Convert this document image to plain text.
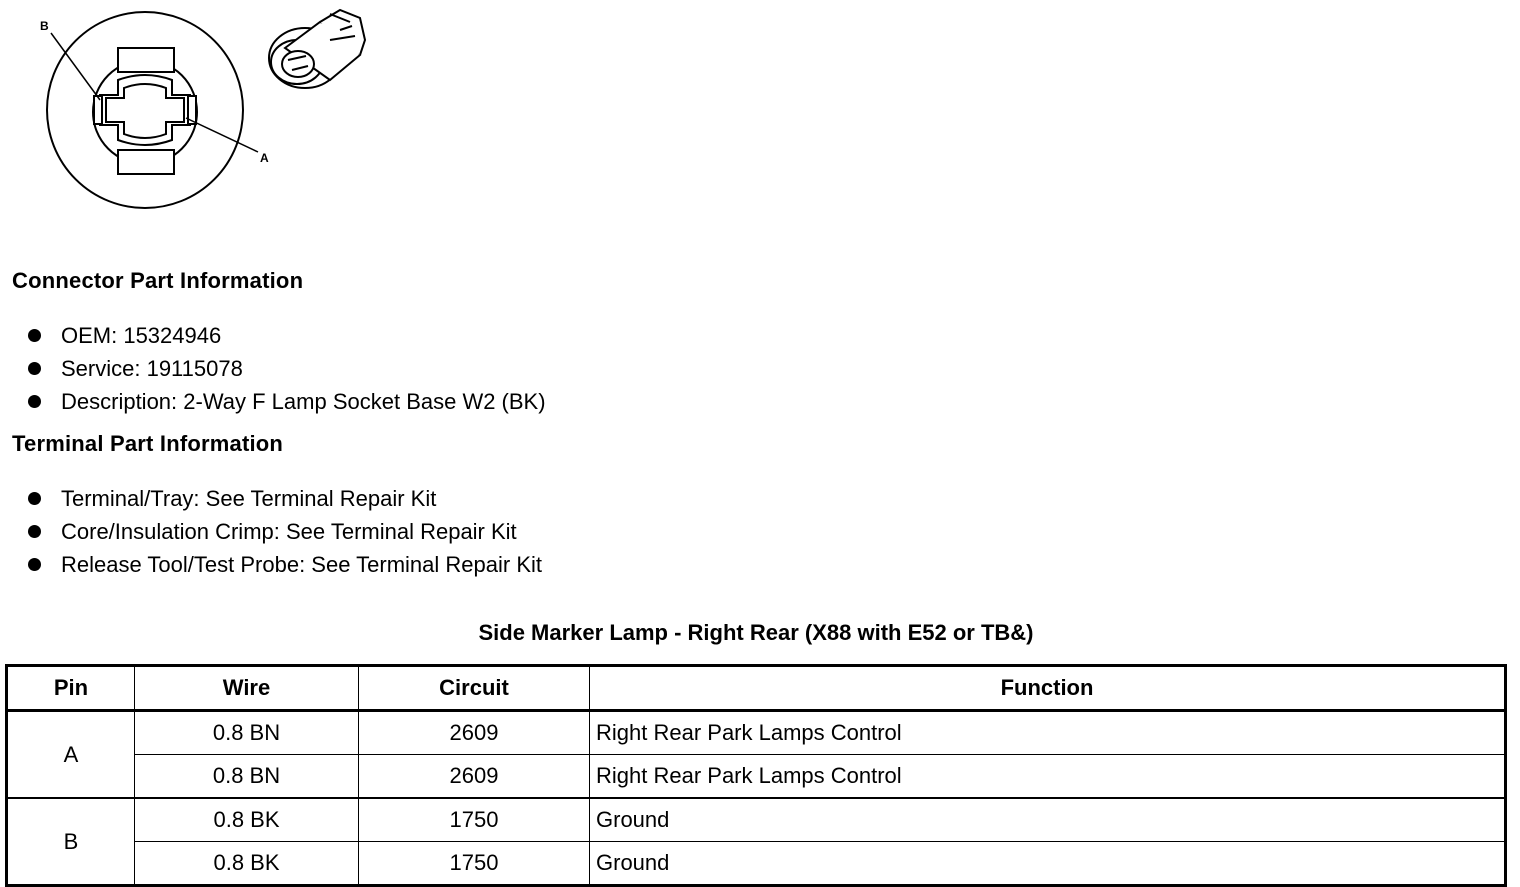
B
A
Connector Part Information
OEM: 15324946
Service: 19115078
Description: 2-Way F Lamp Socket Base W2 (BK)
Terminal Part Information
Terminal/Tray: See Terminal Repair Kit
Core/Insulation Crimp: See Terminal Repair Kit
Release Tool/Test Probe: See Terminal Repair Kit
Side Marker Lamp - Right Rear (X88 with E52 or TB&)
Pin	Wire	Circuit	Function
A	0.8 BN	2609	Right Rear Park Lamps Control
	0.8 BN	2609	Right Rear Park Lamps Control
B	0.8 BK	1750	Ground
	0.8 BK	1750	Ground
